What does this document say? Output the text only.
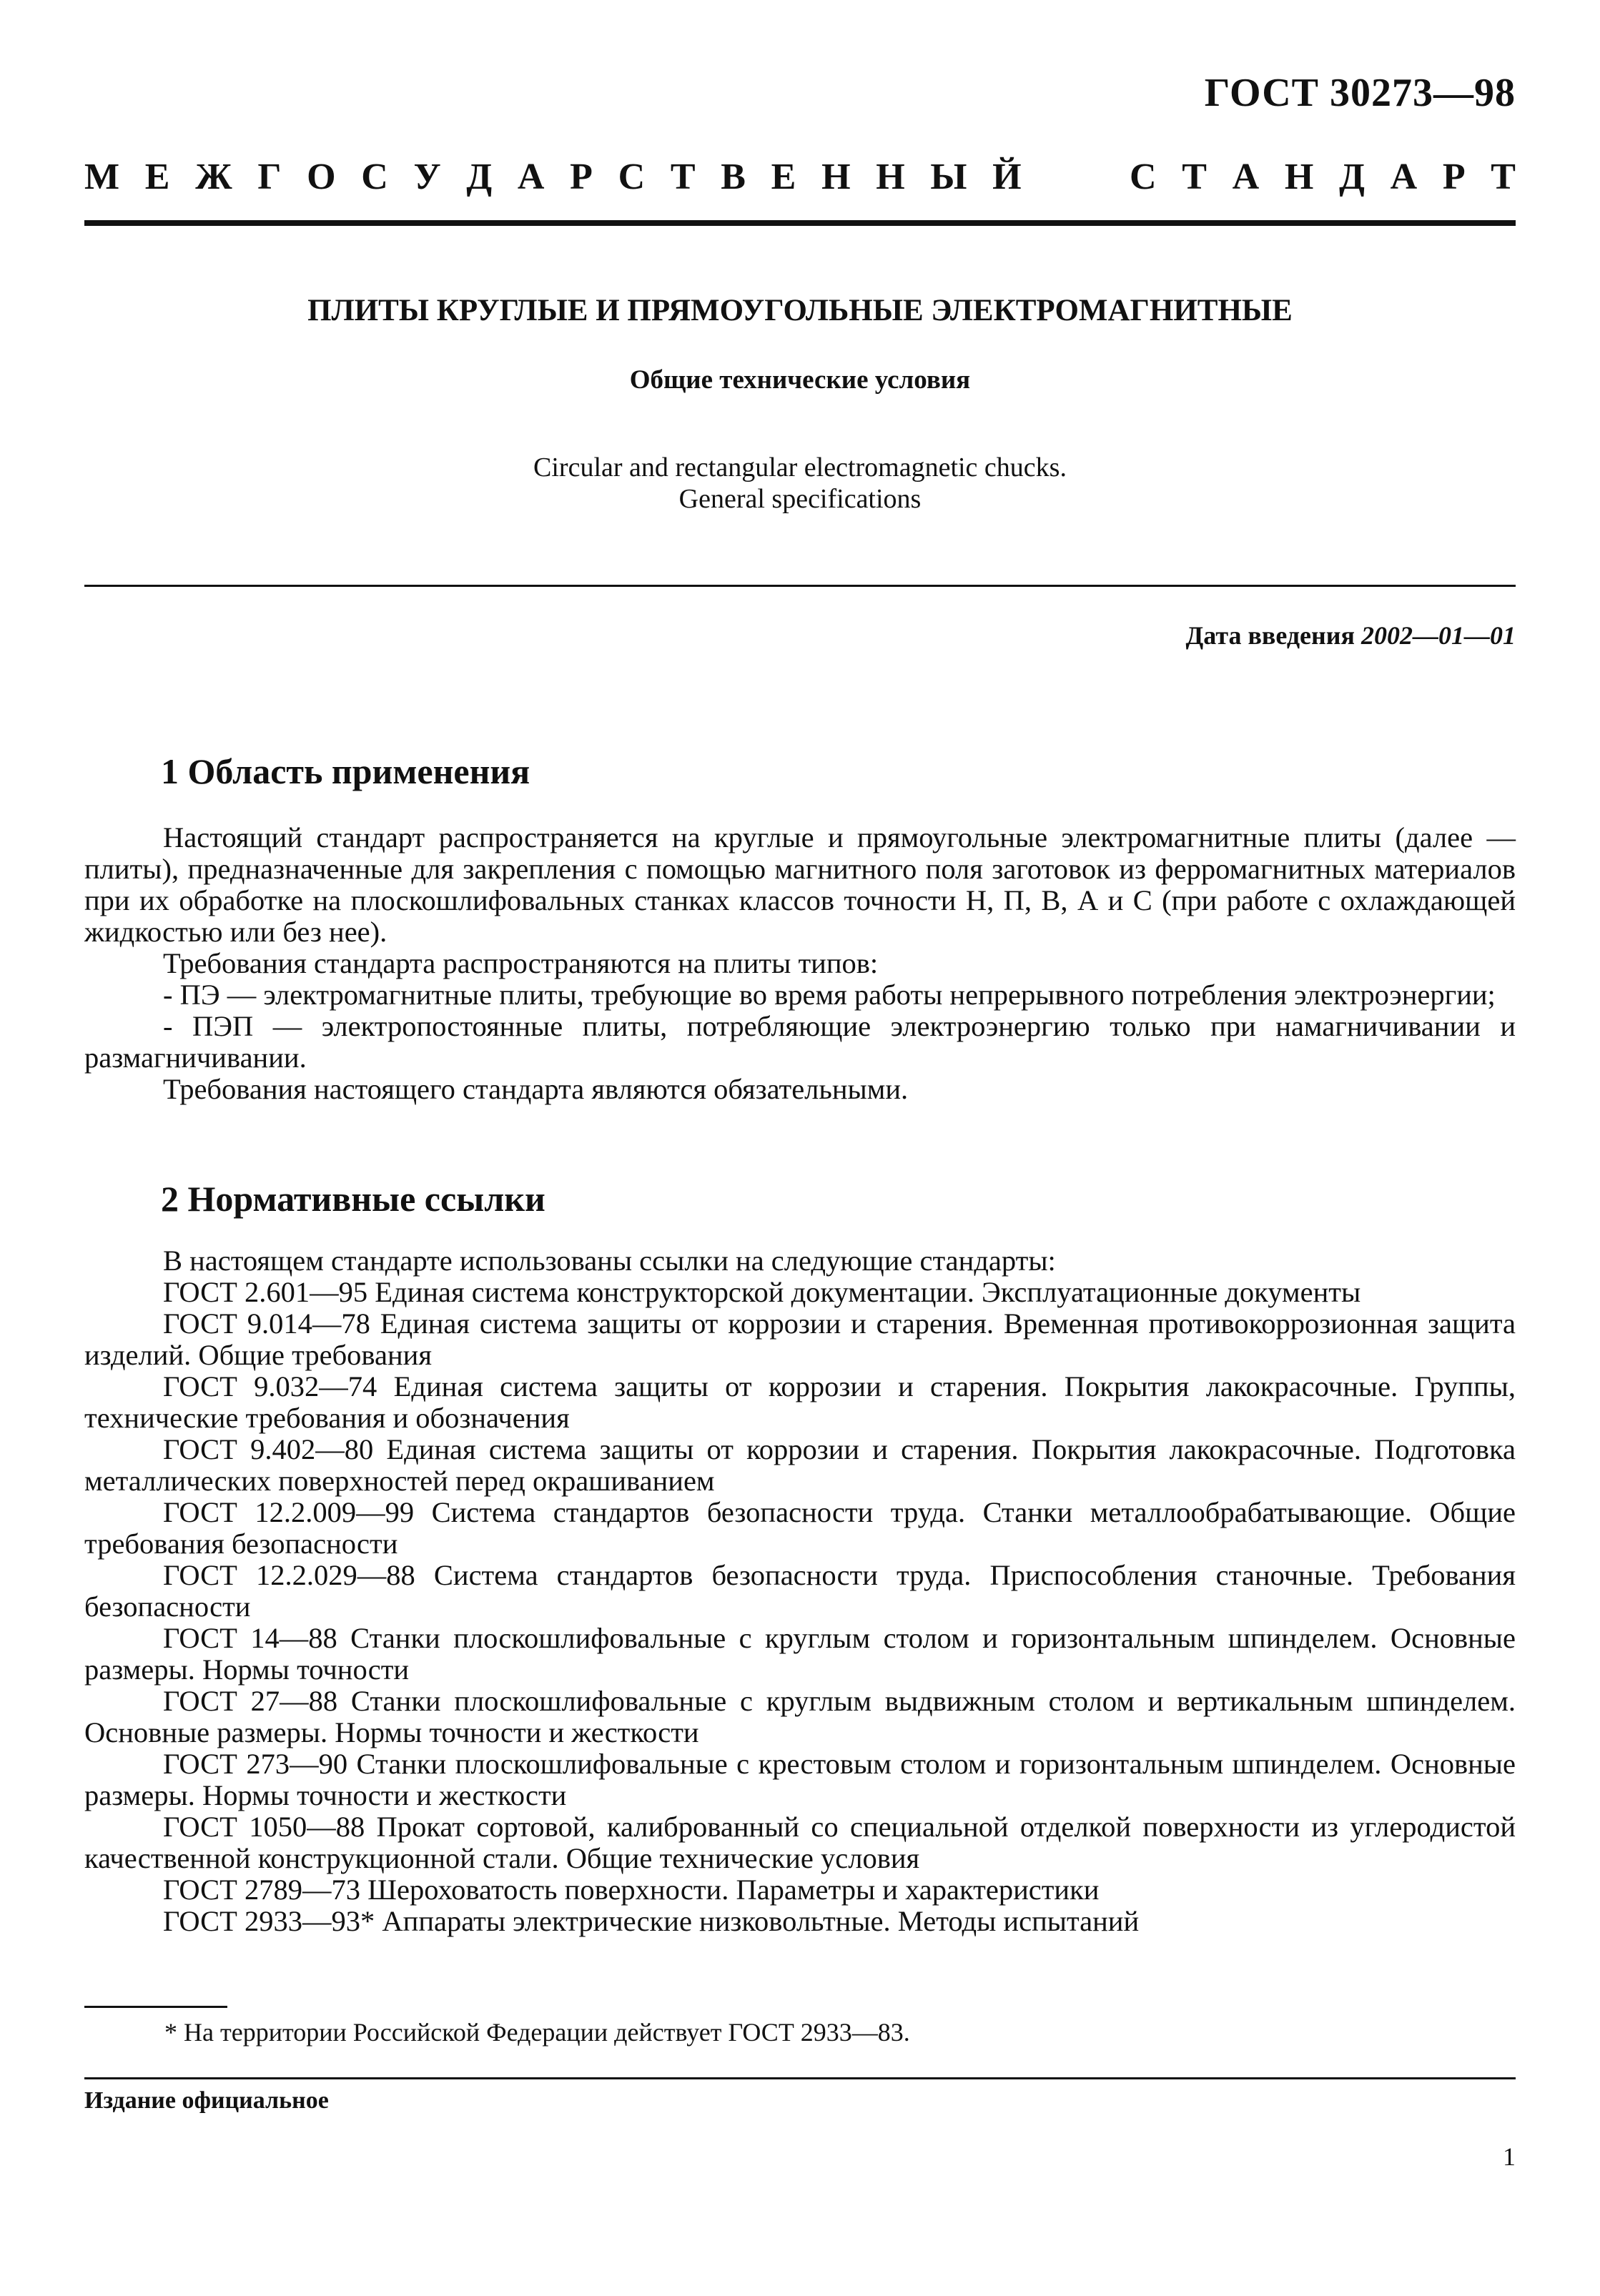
ГОСТ 30273—98
М Е Ж Г О С У Д А Р С Т В Е Н Н Ы Й	С Т А Н Д А Р Т
ПЛИТЫ КРУГЛЫЕ И ПРЯМОУГОЛЬНЫЕ ЭЛЕКТРОМАГНИТНЫЕ
Общие технические условия
Circular and rectangular electromagnetic chucks.
General specifications
Дата введения 2002—01—01
1 Область применения

Настоящий стандарт распространяется на круглые и прямоугольные электромагнитные плиты (далее — плиты), предназначенные для закрепления с помощью магнитного поля заготовок из ферромагнитных материалов при их обработке на плоскошлифовальных станках классов точности Н, П, В, А и С (при работе с охлаждающей жидкостью или без нее).

Требования стандарта распространяются на плиты типов:

- ПЭ — электромагнитные плиты, требующие во время работы непрерывного потребления электроэнергии;

- ПЭП — электропостоянные плиты, потребляющие электроэнергию только при намагничивании и размагничивании.

Требования настоящего стандарта являются обязательными.

2 Нормативные ссылки

В настоящем стандарте использованы ссылки на следующие стандарты:

ГОСТ 2.601—95 Единая система конструкторской документации. Эксплуатационные документы

ГОСТ 9.014—78 Единая система защиты от коррозии и старения. Временная противокоррозионная защита изделий. Общие требования

ГОСТ 9.032—74 Единая система защиты от коррозии и старения. Покрытия лакокрасочные. Группы, технические требования и обозначения

ГОСТ 9.402—80 Единая система защиты от коррозии и старения. Покрытия лакокрасочные. Подготовка металлических поверхностей перед окрашиванием

ГОСТ 12.2.009—99 Система стандартов безопасности труда. Станки металлообрабатывающие. Общие требования безопасности

ГОСТ 12.2.029—88 Система стандартов безопасности труда. Приспособления станочные. Требования безопасности

ГОСТ 14—88 Станки плоскошлифовальные с круглым столом и горизонтальным шпинделем. Основные размеры. Нормы точности

ГОСТ 27—88 Станки плоскошлифовальные с круглым выдвижным столом и вертикальным шпинделем. Основные размеры. Нормы точности и жесткости

ГОСТ 273—90 Станки плоскошлифовальные с крестовым столом и горизонтальным шпинделем. Основные размеры. Нормы точности и жесткости

ГОСТ 1050—88 Прокат сортовой, калиброванный со специальной отделкой поверхности из углеродистой качественной конструкционной стали. Общие технические условия

ГОСТ 2789—73 Шероховатость поверхности. Параметры и характеристики

ГОСТ 2933—93* Аппараты электрические низковольтные. Методы испытаний

* На территории Российской Федерации действует ГОСТ 2933—83.
Издание официальное
1
